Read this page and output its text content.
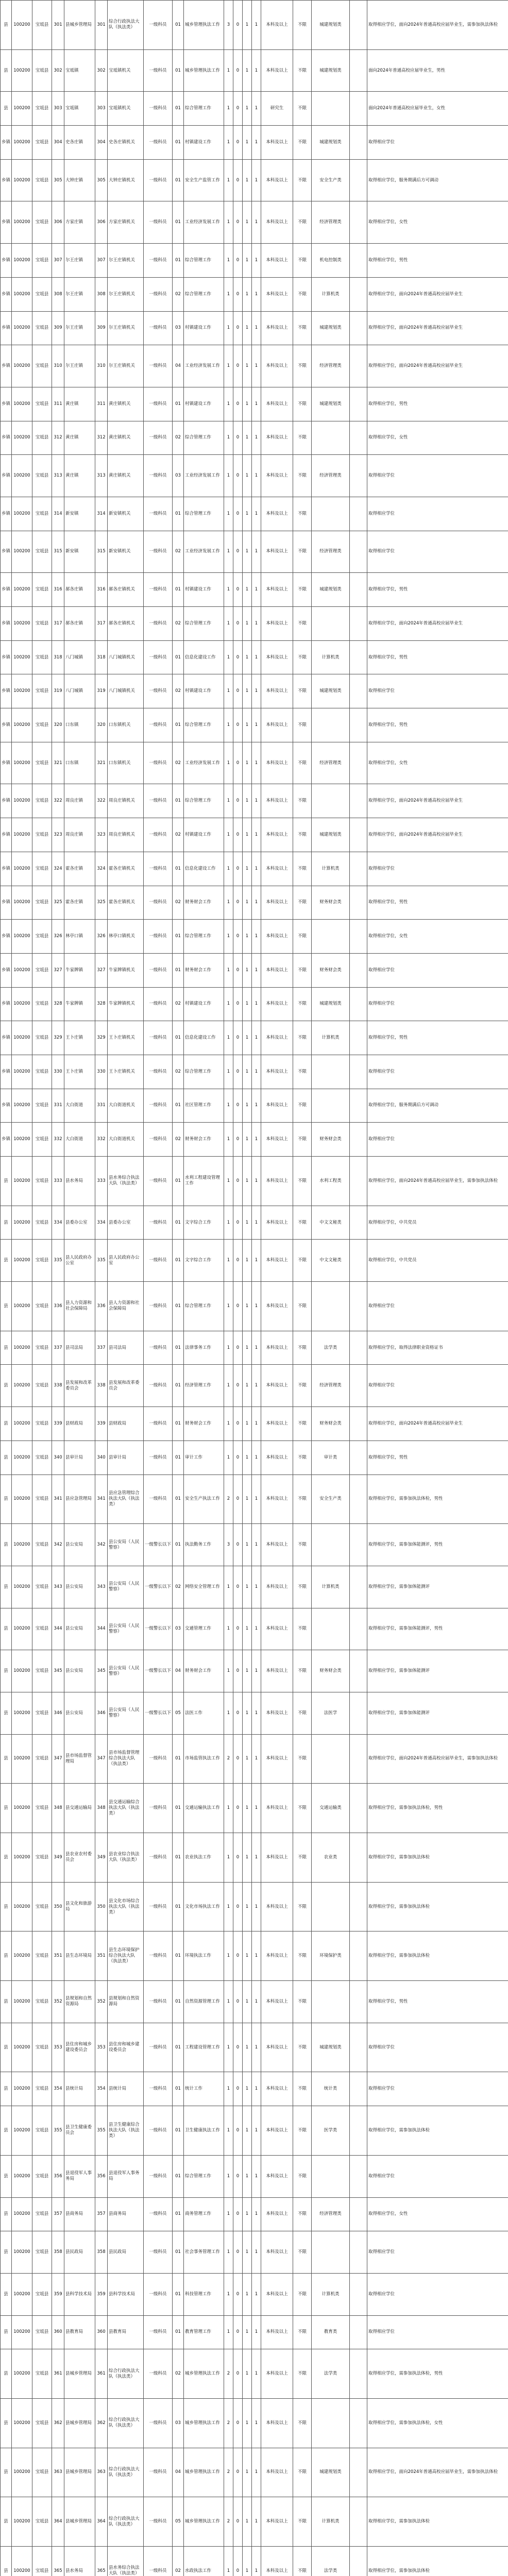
县	100200	宝坻县	301	县城乡管理局	301	综合行政执法大队（执法类）	一级科员	01	城乡管理执法工作	3	0	1	1	本科及以上	不限	城建规划类		取得相应学位，面向2024年普通高校应届毕业生，需参加执法体检
县	100200	宝坻县	302	宝坻镇	302	宝坻镇机关	一级科员	01	城乡管理执法工作	1	0	1	1	本科及以上	不限	城建规划类		面向2024年普通高校应届毕业生，男性
县	100200	宝坻县	303	宝坻镇	303	宝坻镇机关	一级科员	01	综合管理工作	1	0	1	1	研究生	不限			面向2024年普通高校应届毕业生，女性
乡镇	100200	宝坻县	304	史各庄镇	304	史各庄镇机关	一级科员	01	村镇建设工作	1	0	1	1	本科及以上	不限	城建规划类		取得相应学位
乡镇	100200	宝坻县	305	大钟庄镇	305	大钟庄镇机关	一级科员	01	安全生产监管工作	1	0	1	1	本科及以上	不限	安全生产类		取得相应学位，服务期满后方可调动
乡镇	100200	宝坻县	306	方家庄镇	306	方家庄镇机关	一级科员	01	工业经济发展工作	1	0	1	1	本科及以上	不限	经济管理类		取得相应学位，女性
乡镇	100200	宝坻县	307	尔王庄镇	307	尔王庄镇机关	一级科员	01	综合管理工作	1	0	1	1	本科及以上	不限	机电控制类		取得相应学位，男性
乡镇	100200	宝坻县	308	尔王庄镇	308	尔王庄镇机关	一级科员	02	综合管理工作	1	0	1	1	本科及以上	不限	计算机类		取得相应学位，面向2024年普通高校应届毕业生
乡镇	100200	宝坻县	309	尔王庄镇	309	尔王庄镇机关	一级科员	03	村镇建设工作	1	0	1	1	本科及以上	不限	城建规划类		取得相应学位，面向2024年普通高校应届毕业生
乡镇	100200	宝坻县	310	尔王庄镇	310	尔王庄镇机关	一级科员	04	工业经济发展工作	1	0	1	1	本科及以上	不限	经济管理类		取得相应学位，面向2024年普通高校应届毕业生
乡镇	100200	宝坻县	311	黄庄镇	311	黄庄镇机关	一级科员	01	村镇建设工作	1	0	1	1	本科及以上	不限	城建规划类		取得相应学位，男性
乡镇	100200	宝坻县	312	黄庄镇	312	黄庄镇机关	一级科员	02	综合管理工作	1	0	1	1	本科及以上	不限			取得相应学位，女性
乡镇	100200	宝坻县	313	黄庄镇	313	黄庄镇机关	一级科员	03	工业经济发展工作	1	0	1	1	本科及以上	不限	经济管理类		取得相应学位
乡镇	100200	宝坻县	314	新安镇	314	新安镇机关	一级科员	01	综合管理工作	1	0	1	1	本科及以上	不限			取得相应学位
乡镇	100200	宝坻县	315	新安镇	315	新安镇机关	一级科员	02	工业经济发展工作	1	0	1	1	本科及以上	不限	经济管理类		取得相应学位
乡镇	100200	宝坻县	316	郝各庄镇	316	郝各庄镇机关	一级科员	01	村镇建设工作	1	0	1	1	本科及以上	不限	城建规划类		取得相应学位，男性
乡镇	100200	宝坻县	317	郝各庄镇	317	郝各庄镇机关	一级科员	02	综合管理工作	1	0	1	1	本科及以上	不限			取得相应学位，面向2024年普通高校应届毕业生
乡镇	100200	宝坻县	318	八门城镇	318	八门城镇机关	一级科员	01	信息化建设工作	1	0	1	1	本科及以上	不限	计算机类		取得相应学位，男性
乡镇	100200	宝坻县	319	八门城镇	319	八门城镇机关	一级科员	02	村镇建设工作	1	0	1	1	本科及以上	不限	城建规划类		取得相应学位
乡镇	100200	宝坻县	320	口东镇	320	口东镇机关	一级科员	01	综合管理工作	1	0	1	1	本科及以上	不限			取得相应学位，男性
乡镇	100200	宝坻县	321	口东镇	321	口东镇机关	一级科员	02	工业经济发展工作	1	0	1	1	本科及以上	不限	经济管理类		取得相应学位，女性
乡镇	100200	宝坻县	322	周良庄镇	322	周良庄镇机关	一级科员	01	综合管理工作	1	0	1	1	本科及以上	不限			取得相应学位，面向2024年普通高校应届毕业生
乡镇	100200	宝坻县	323	周良庄镇	323	周良庄镇机关	一级科员	02	村镇建设工作	1	0	1	1	本科及以上	不限	城建规划类		取得相应学位，面向2024年普通高校应届毕业生
乡镇	100200	宝坻县	324	霍各庄镇	324	霍各庄镇机关	一级科员	01	信息化建设工作	1	0	1	1	本科及以上	不限	计算机类		取得相应学位
乡镇	100200	宝坻县	325	霍各庄镇	325	霍各庄镇机关	一级科员	02	财务财会工作	1	0	1	1	本科及以上	不限	财务财会类		取得相应学位，男性
乡镇	100200	宝坻县	326	林亭口镇	326	林亭口镇机关	一级科员	01	综合管理工作	1	0	1	1	本科及以上	不限			取得相应学位，女性
乡镇	100200	宝坻县	327	牛家牌镇	327	牛家牌镇机关	一级科员	01	财务财会工作	1	0	1	1	本科及以上	不限	财务财会类		取得相应学位
乡镇	100200	宝坻县	328	牛家牌镇	328	牛家牌镇机关	一级科员	02	村镇建设工作	1	0	1	1	本科及以上	不限	城建规划类		取得相应学位
乡镇	100200	宝坻县	329	王卜庄镇	329	王卜庄镇机关	一级科员	01	信息化建设工作	1	0	1	1	本科及以上	不限	计算机类		取得相应学位，男性
乡镇	100200	宝坻县	330	王卜庄镇	330	王卜庄镇机关	一级科员	02	综合管理工作	1	0	1	1	本科及以上	不限			取得相应学位
乡镇	100200	宝坻县	331	大白街道	331	大白街道机关	一级科员	01	社区管理工作	1	0	1	1	本科及以上	不限			取得相应学位，服务期满后方可调动
乡镇	100200	宝坻县	332	大白街道	332	大白街道机关	一级科员	02	财务财会工作	1	0	1	1	本科及以上	不限	财务财会类		取得相应学位
县	100200	宝坻县	333	县水务局	333	县水务综合执法大队（执法类）	一级科员	01	水利工程建设管理工作	1	0	1	1	本科及以上	不限	水利工程类		取得相应学位，面向2024年普通高校应届毕业生，需参加执法体检
县	100200	宝坻县	334	县委办公室	334	县委办公室	一级科员	01	文字综合工作	1	0	1	1	本科及以上	不限	中文文秘类		取得相应学位，中共党员
县	100200	宝坻县	335	县人民政府办公室	335	县人民政府办公室	一级科员	01	文字综合工作	1	0	1	1	本科及以上	不限	中文文秘类		取得相应学位，中共党员
县	100200	宝坻县	336	县人力资源和社会保障局	336	县人力资源和社会保障局	一级科员	01	综合管理工作	1	0	1	1	本科及以上	不限			取得相应学位
县	100200	宝坻县	337	县司法局	337	县司法局	一级科员	01	法律事务工作	1	0	1	1	本科及以上	不限	法学类		取得相应学位，取得法律职业资格证书
县	100200	宝坻县	338	县发展和改革委员会	338	县发展和改革委员会	一级科员	01	经济管理工作	1	0	1	1	本科及以上	不限	经济管理类		取得相应学位
县	100200	宝坻县	339	县财政局	339	县财政局	一级科员	01	财务财会工作	1	0	1	1	本科及以上	不限	财务财会类		取得相应学位，面向2024年普通高校应届毕业生
县	100200	宝坻县	340	县审计局	340	县审计局	一级科员	01	审计工作	1	0	1	1	本科及以上	不限	审计类		取得相应学位，男性
县	100200	宝坻县	341	县应急管理局	341	县应急管理综合执法大队（执法类）	一级科员	01	安全生产执法工作	2	0	1	1	本科及以上	不限	安全生产类		取得相应学位，需参加执法体检，男性
县	100200	宝坻县	342	县公安局	342	县公安局（人民警察）	一级警长以下	01	执法勤务工作	3	0	1	1	本科及以上	不限			取得相应学位，需参加体能测评，男性
县	100200	宝坻县	343	县公安局	343	县公安局（人民警察）	一级警长以下	02	网络安全管理工作	1	0	1	1	本科及以上	不限	计算机类		取得相应学位，需参加体能测评
县	100200	宝坻县	344	县公安局	344	县公安局（人民警察）	一级警长以下	03	交通管理工作	1	0	1	1	本科及以上	不限			取得相应学位，需参加体能测评，男性
县	100200	宝坻县	345	县公安局	345	县公安局（人民警察）	一级警长以下	04	财务财会工作	1	0	1	1	本科及以上	不限	财务财会类		取得相应学位，需参加体能测评
县	100200	宝坻县	346	县公安局	346	县公安局（人民警察）	一级警长以下	05	法医工作	1	0	1	1	本科及以上	不限	法医学		取得相应学位，需参加体能测评
县	100200	宝坻县	347	县市场监督管理局	347	县市场监督管理综合执法大队（执法类）	一级科员	01	市场监管执法工作	2	0	1	1	本科及以上	不限			取得相应学位，面向2024年普通高校应届毕业生，需参加执法体检
县	100200	宝坻县	348	县交通运输局	348	县交通运输综合执法大队（执法类）	一级科员	01	交通运输执法工作	1	0	1	1	本科及以上	不限	交通运输类		取得相应学位，需参加执法体检，男性
县	100200	宝坻县	349	县农业农村委员会	349	县农业综合执法大队（执法类）	一级科员	01	农业执法工作	1	0	1	1	本科及以上	不限	农业类		取得相应学位，需参加执法体检
县	100200	宝坻县	350	县文化和旅游局	350	县文化市场综合执法大队（执法类）	一级科员	01	文化市场执法工作	1	0	1	1	本科及以上	不限			取得相应学位，需参加执法体检
县	100200	宝坻县	351	县生态环境局	351	县生态环境保护综合执法大队（执法类）	一级科员	01	环境执法工作	1	0	1	1	本科及以上	不限	环境保护类		取得相应学位，需参加执法体检
县	100200	宝坻县	352	县规划和自然资源局	352	县规划和自然资源局	一级科员	01	自然资源管理工作	1	0	1	1	本科及以上	不限			取得相应学位，男性
县	100200	宝坻县	353	县住房和城乡建设委员会	353	县住房和城乡建设委员会	一级科员	01	工程建设管理工作	1	0	1	1	本科及以上	不限	城建规划类		取得相应学位
县	100200	宝坻县	354	县统计局	354	县统计局	一级科员	01	统计工作	1	0	1	1	本科及以上	不限	统计类		取得相应学位
县	100200	宝坻县	355	县卫生健康委员会	355	县卫生健康综合执法大队（执法类）	一级科员	01	卫生健康执法工作	1	0	1	1	本科及以上	不限	医学类		取得相应学位，需参加执法体检
县	100200	宝坻县	356	县退役军人事务局	356	县退役军人事务局	一级科员	01	综合管理工作	1	0	1	1	本科及以上	不限			取得相应学位
县	100200	宝坻县	357	县商务局	357	县商务局	一级科员	01	商务管理工作	1	0	1	1	本科及以上	不限	经济管理类		取得相应学位，女性
县	100200	宝坻县	358	县民政局	358	县民政局	一级科员	01	社会事务管理工作	1	0	1	1	本科及以上	不限			取得相应学位
县	100200	宝坻县	359	县科学技术局	359	县科学技术局	一级科员	01	科技管理工作	1	0	1	1	本科及以上	不限	计算机类		取得相应学位
县	100200	宝坻县	360	县教育局	360	县教育局	一级科员	01	教育管理工作	1	0	1	1	本科及以上	不限	教育类		取得相应学位
县	100200	宝坻县	361	县城乡管理局	361	综合行政执法大队（执法类）	一级科员	02	城乡管理执法工作	2	0	1	1	本科及以上	不限	法学类		取得相应学位，需参加执法体检，男性
县	100200	宝坻县	362	县城乡管理局	362	综合行政执法大队（执法类）	一级科员	03	城乡管理执法工作	2	0	1	1	本科及以上	不限			取得相应学位，需参加执法体检，女性
县	100200	宝坻县	363	县城乡管理局	363	综合行政执法大队（执法类）	一级科员	04	城乡管理执法工作	2	0	1	1	本科及以上	不限	城建规划类		取得相应学位，面向2024年普通高校应届毕业生，需参加执法体检
县	100200	宝坻县	364	县城乡管理局	364	综合行政执法大队（执法类）	一级科员	05	城乡管理执法工作	2	0	1	1	本科及以上	不限	计算机类		取得相应学位，需参加执法体检
县	100200	宝坻县	365	县水务局	365	县水务综合执法大队（执法类）	一级科员	02	水政执法工作	1	0	1	1	本科及以上	不限	法学类		取得相应学位，需参加执法体检
